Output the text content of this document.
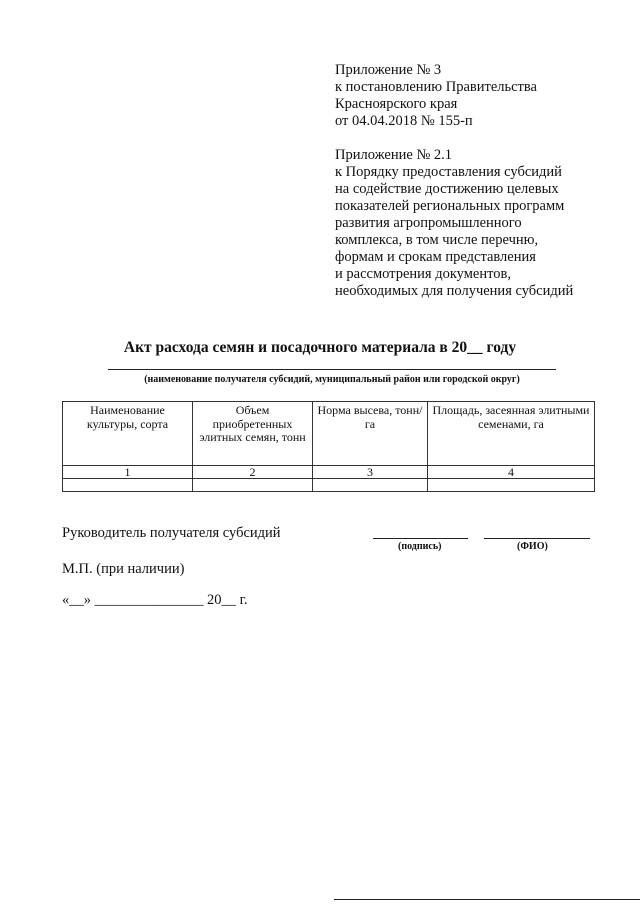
Приложение № 3
к постановлению Правительства
Красноярского края
от 04.04.2018 № 155-п
Приложение № 2.1
к Порядку предоставления субсидий
на содействие достижению целевых
показателей региональных программ
развития агропромышленного
комплекса, в том числе перечню,
формам и срокам представления
и рассмотрения документов,
необходимых для получения субсидий
Акт расхода семян и посадочного материала в 20__ году
(наименование получателя субсидий, муниципальный район или городской округ)
Наименование культуры, сорта	Объем приобретенных элитных семян, тонн	Норма высева, тонн/га	Площадь, засеянная элитными семенами, га
1	2	3	4

Руководитель получателя субсидий
(подпись)	(ФИО)
М.П. (при наличии)
«__» _______________ 20__ г.
